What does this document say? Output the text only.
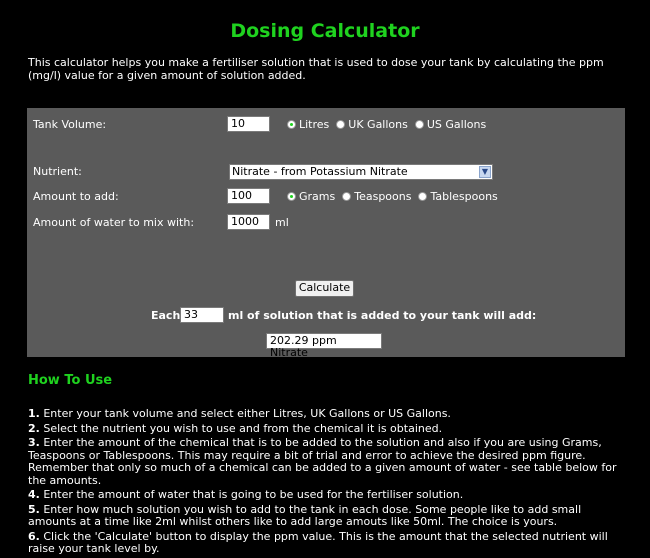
Dosing Calculator
This calculator helps you make a fertiliser solution that is used to dose your tank by calculating the ppm (mg/l) value for a given amount of solution added.
Tank Volume:	10	Litres UK Gallons US Gallons
Nutrient:	Nitrate - from Potassium Nitrate	▼
Amount to add:	100	Grams Teaspoons Tablespoons
Amount of water to mix with:	1000	ml
Calculate
Each 33	ml of solution that is added to your tank will add:
202.29 ppm Nitrate
How To Use
1. Enter your tank volume and select either Litres, UK Gallons or US Gallons.
2. Select the nutrient you wish to use and from the chemical it is obtained.
3. Enter the amount of the chemical that is to be added to the solution and also if you are using Grams, Teaspoons or Tablespoons. This may require a bit of trial and error to achieve the desired ppm figure. Remember that only so much of a chemical can be added to a given amount of water - see table below for the amounts.
4. Enter the amount of water that is going to be used for the fertiliser solution.
5. Enter how much solution you wish to add to the tank in each dose. Some people like to add small amounts at a time like 2ml whilst others like to add large amouts like 50ml. The choice is yours.
6. Click the 'Calculate' button to display the ppm value. This is the amount that the selected nutrient will raise your tank level by.
